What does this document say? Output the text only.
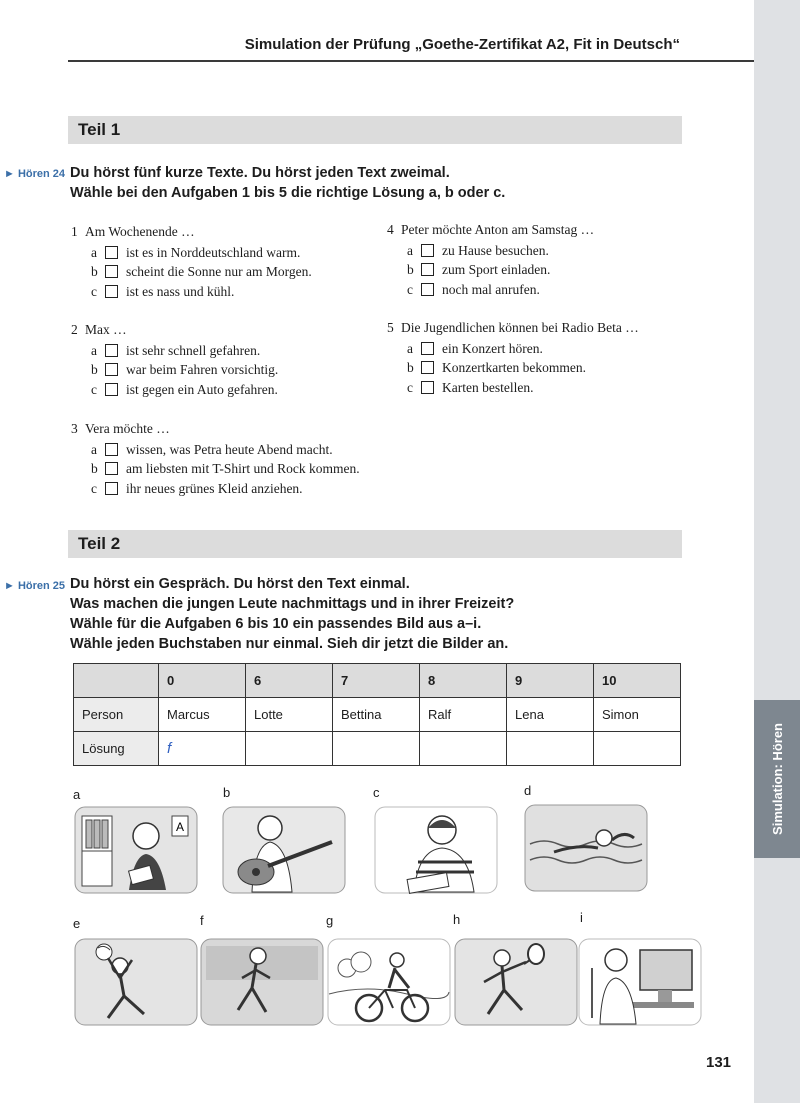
Simulation: Hören
Simulation der Prüfung „Goethe-Zertifikat A2, Fit in Deutsch“
Teil 1
► Hören 24 Du hörst fünf kurze Texte. Du hörst jeden Text zweimal.
Wähle bei den Aufgaben 1 bis 5 die richtige Lösung a, b oder c.
1 Am Wochenende …
a	ist es in Norddeutschland warm.
b	scheint die Sonne nur am Morgen.
c	ist es nass und kühl.
2 Max …
a	ist sehr schnell gefahren.
b	war beim Fahren vorsichtig.
c	ist gegen ein Auto gefahren.
3 Vera möchte …
a	wissen, was Petra heute Abend macht.
b	am liebsten mit T-Shirt und Rock kommen.
c	ihr neues grünes Kleid anziehen.
4 Peter möchte Anton am Samstag …
a	zu Hause besuchen.
b	zum Sport einladen.
c	noch mal anrufen.
5 Die Jugendlichen können bei Radio Beta …
a	ein Konzert hören.
b	Konzertkarten bekommen.
c	Karten bestellen.
Teil 2
► Hören 25 Du hörst ein Gespräch. Du hörst den Text einmal.
Was machen die jungen Leute nachmittags und in ihrer Freizeit?
Wähle für die Aufgaben 6 bis 10 ein passendes Bild aus a–i.
Wähle jeden Buchstaben nur einmal. Sieh dir jetzt die Bilder an.
	0	6	7	8	9	10
Person	Marcus	Lotte	Bettina	Ralf	Lena	Simon
Lösung	f					
a
A
b	c	d
e	f	g	h	i
131
